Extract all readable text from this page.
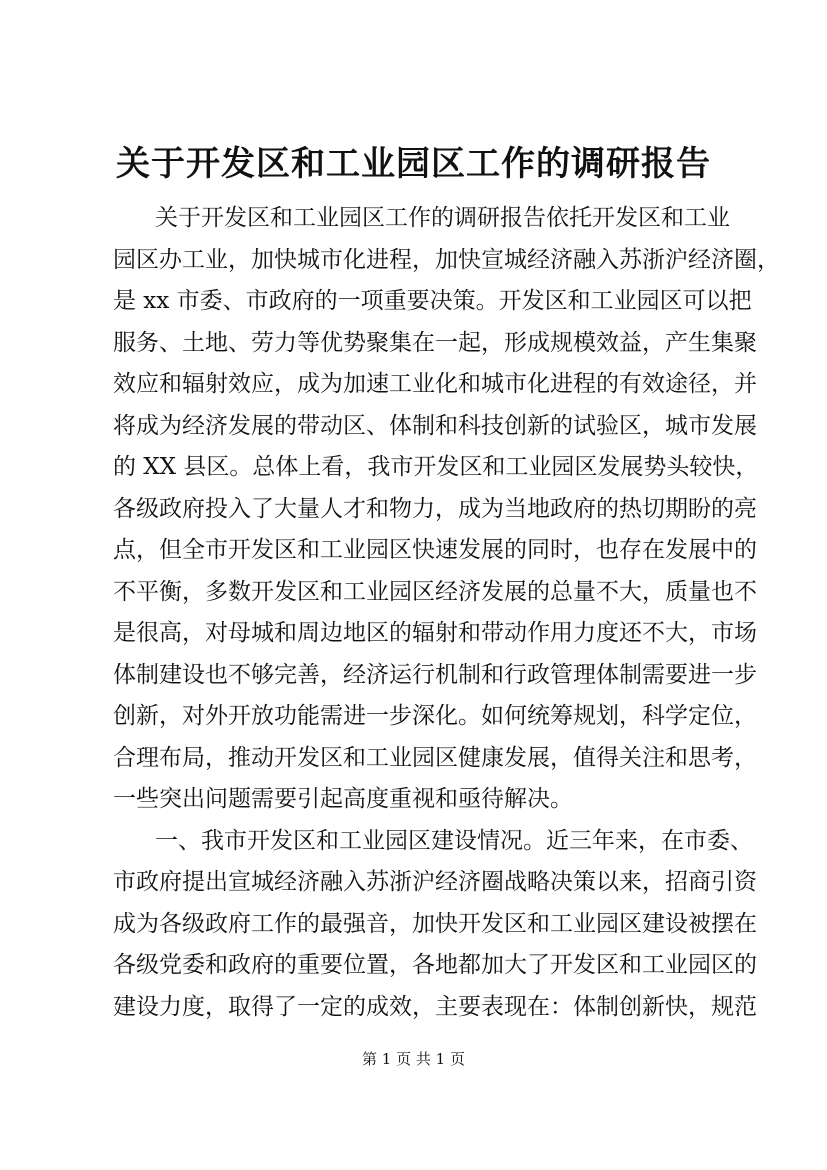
关于开发区和工业园区工作的调研报告
关于开发区和工业园区工作的调研报告依托开发区和工业
园区办工业，加快城市化进程，加快宣城经济融入苏浙沪经济圈，
是 xx 市委、市政府的一项重要决策。开发区和工业园区可以把
服务、土地、劳力等优势聚集在一起，形成规模效益，产生集聚
效应和辐射效应，成为加速工业化和城市化进程的有效途径，并
将成为经济发展的带动区、体制和科技创新的试验区，城市发展
的 XX 县区。总体上看，我市开发区和工业园区发展势头较快，
各级政府投入了大量人才和物力，成为当地政府的热切期盼的亮
点，但全市开发区和工业园区快速发展的同时，也存在发展中的
不平衡，多数开发区和工业园区经济发展的总量不大，质量也不
是很高，对母城和周边地区的辐射和带动作用力度还不大，市场
体制建设也不够完善，经济运行机制和行政管理体制需要进一步
创新，对外开放功能需进一步深化。如何统筹规划，科学定位，
合理布局，推动开发区和工业园区健康发展，值得关注和思考，
一些突出问题需要引起高度重视和亟待解决。
一、我市开发区和工业园区建设情况。近三年来，在市委、
市政府提出宣城经济融入苏浙沪经济圈战略决策以来，招商引资
成为各级政府工作的最强音，加快开发区和工业园区建设被摆在
各级党委和政府的重要位置，各地都加大了开发区和工业园区的
建设力度，取得了一定的成效，主要表现在：体制创新快，规范
第 1 页 共 1 页
